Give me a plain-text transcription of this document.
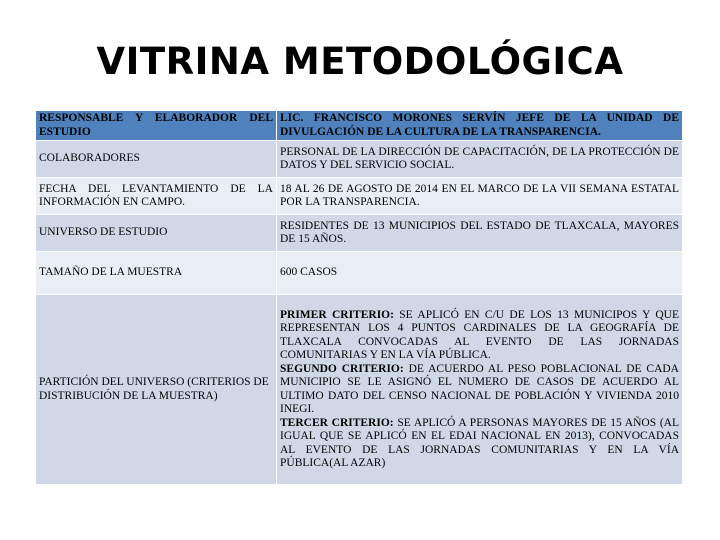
VITRINA METODOLÓGICA
RESPONSABLE Y ELABORADOR DEL ESTUDIO	LIC. FRANCISCO MORONES SERVÍN JEFE DE LA UNIDAD DE DIVULGACIÓN DE LA CULTURA DE LA TRANSPARENCIA.
COLABORADORES	PERSONAL DE LA DIRECCIÓN DE CAPACITACIÓN, DE LA PROTECCIÓN DE DATOS Y DEL SERVICIO SOCIAL.
FECHA DEL LEVANTAMIENTO DE LA INFORMACIÓN EN CAMPO.	18 AL 26 DE AGOSTO DE 2014 EN EL MARCO DE LA VII SEMANA ESTATAL POR LA TRANSPARENCIA.
UNIVERSO DE ESTUDIO	RESIDENTES DE 13 MUNICIPIOS DEL ESTADO DE TLAXCALA, MAYORES DE 15 AÑOS.
TAMAÑO DE LA MUESTRA	600 CASOS
PARTICIÓN DEL UNIVERSO (CRITERIOS DE DISTRIBUCIÓN DE LA MUESTRA)	PRIMER CRITERIO: SE APLICÓ EN C/U DE LOS 13 MUNICIPOS Y QUE REPRESENTAN LOS 4 PUNTOS CARDINALES DE LA GEOGRAFÍA DE TLAXCALA CONVOCADAS AL EVENTO DE LAS JORNADAS COMUNITARIAS Y EN LA VÍA PÚBLICA.

SEGUNDO CRITERIO: DE ACUERDO AL PESO POBLACIONAL DE CADA MUNICIPIO SE LE ASIGNÓ EL NUMERO DE CASOS DE ACUERDO AL ULTIMO DATO DEL CENSO NACIONAL DE POBLACIÓN Y VIVIENDA 2010 INEGI.

TERCER CRITERIO: SE APLICÓ A PERSONAS MAYORES DE 15 AÑOS (AL IGUAL QUE SE APLICÓ EN EL EDAI NACIONAL EN 2013), CONVOCADAS AL EVENTO DE LAS JORNADAS COMUNITARIAS Y EN LA VÍA PÚBLICA(AL AZAR)
